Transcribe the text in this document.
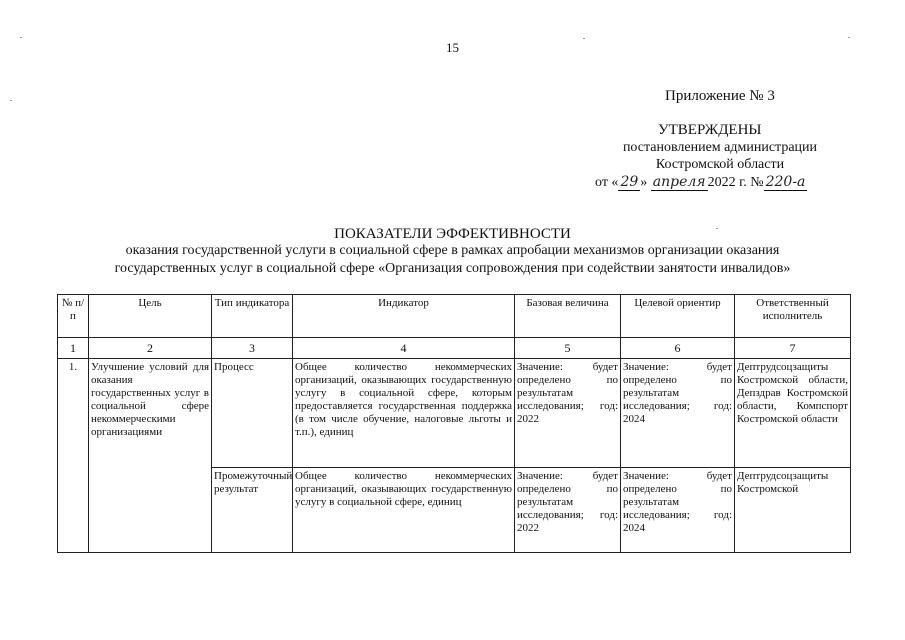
15
Приложение № 3
УТВЕРЖДЕНЫ
постановлением администрации
Костромской области
от « 29 » апреля 2022 г. № 220-а
ПОКАЗАТЕЛИ ЭФФЕКТИВНОСТИ
оказания государственной услуги в социальной сфере в рамках апробации механизмов организации оказания
государственных услуг в социальной сфере «Организация сопровождения при содействии занятости инвалидов»
№ п/п	Цель	Тип индикатора	Индикатор	Базовая величина	Целевой ориентир	Ответственный исполнитель
1	2	3	4	5	6	7
1.	Улучшение условий для оказания государственных услуг в социальной сфере некоммерческими организациями	Процесс	Общее количество некоммерческих организаций, оказывающих государственную услугу в социальной сфере, которым предоставляется государственная поддержка (в том числе обучение, налоговые льготы и т.п.), единиц	Значение: будет определено по результатам исследования; год: 2022	Значение: будет определено по результатам исследования; год: 2024	Дептрудсоцзащиты Костромской области, Депздрав Костромской области, Компспорт Костромской области
		Промежуточный результат	Общее количество некоммерческих организаций, оказывающих государственную услугу в социальной сфере, единиц	Значение: будет определено по результатам исследования; год: 2022	Значение: будет определено по результатам исследования; год: 2024	Дептрудсоцзащиты Костромской
